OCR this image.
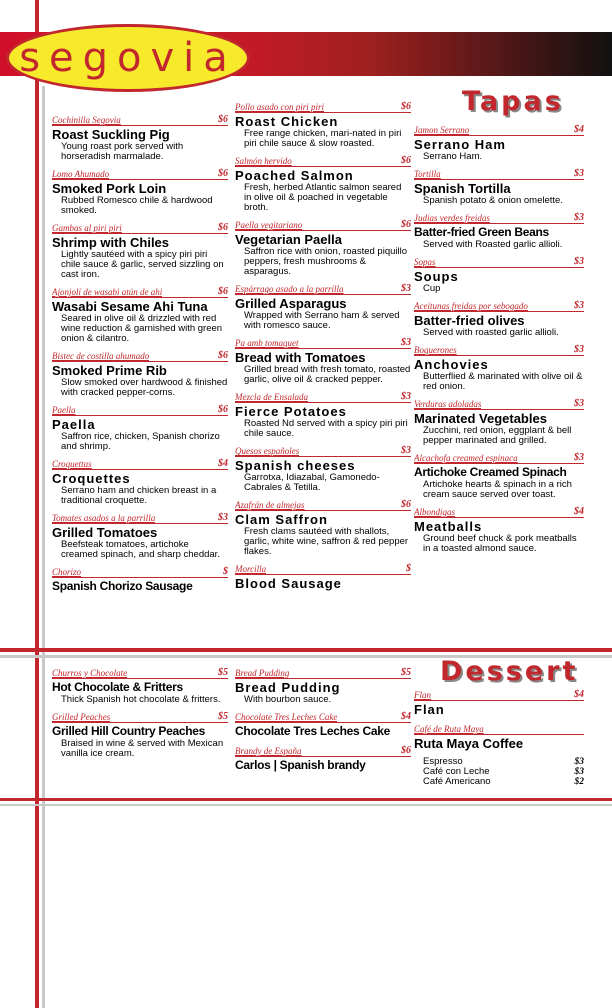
segovia
Tapas
Dessert
Cochinilla Segovia	$6
Roast Suckling Pig
Young roast pork served with horseradish marmalade.
Lomo Ahumado	$6
Smoked Pork Loin
Rubbed Romesco chile & hardwood smoked.
Gambas al piri piri	$6
Shrimp with Chiles
Lightly sautéed with a spicy piri piri chile sauce & garlic, served sizzling on cast iron.
Ajonjolí de wasabi atún de ahi	$6
Wasabi Sesame Ahi Tuna
Seared in olive oil & drizzled with red wine reduction & garnished with green onion & cilantro.
Bistec de costilla ahumado	$6
Smoked Prime Rib
Slow smoked over hardwood & finished with cracked pepper-corns.
Paella	$6
Paella
Saffron rice, chicken, Spanish chorizo and shrimp.
Croquettas	$4
Croquettes
Serrano ham and chicken breast in a traditional croquette.
Tomates asados a la parrilla	$3
Grilled Tomatoes
Beefsteak tomatoes, artichoke creamed spinach, and sharp cheddar.
Chorizo	$
Spanish Chorizo Sausage
Pollo asado con piri piri	$6
Roast Chicken
Free range chicken, mari-nated in piri piri chile sauce & slow roasted.
Salmón hervido	$6
Poached Salmon
Fresh, herbed Atlantic salmon seared in olive oil & poached in vegetable broth.
Paella vegitariano	$6
Vegetarian Paella
Saffron rice with onion, roasted piquillo peppers, fresh mushrooms & asparagus.
Espárrago asado a la parrilla	$3
Grilled Asparagus
Wrapped with Serrano ham & served with romesco sauce.
Pa amb tomaquet	$3
Bread with Tomatoes
Grilled bread with fresh tomato, roasted garlic, olive oil & cracked pepper.
Mezcla de Ensalada	$3
Fierce Potatoes
Roasted Nd served with a spicy piri piri chile sauce.
Quesos españoles	$3
Spanish cheeses
Garrotxa, Idiazabal, Gamonedo-Cabrales & Tetilla.
Azafrán de almejas	$6
Clam Saffron
Fresh clams sautéed with shallots, garlic, white wine, saffron & red pepper flakes.
Morcilla	$
Blood Sausage
Jamon Serrano	$4
Serrano Ham
Serrano Ham.
Tortilla	$3
Spanish Tortilla
Spanish potato & onion omelette.
Judias verdes freidas	$3
Batter-fried Green Beans
Served with Roasted garlic allioli.
Sopas	$3
Soups
Cup
Aceitunas freidas por sebogado	$3
Batter-fried olives
Served with roasted garlic allioli.
Boquerones	$3
Anchovies
Butterflied & marinated with olive oil & red onion.
Verduras adoladas	$3
Marinated Vegetables
Zucchini, red onion, eggplant & bell pepper marinated and grilled.
Alcachofa creamed espinaca	$3
Artichoke Creamed Spinach
Artichoke hearts & spinach in a rich cream sauce served over toast.
Albondigas	$4
Meatballs
Ground beef chuck & pork meatballs in a toasted almond sauce.
Churros y Chocolate	$5
Hot Chocolate & Fritters
Thick Spanish hot chocolate & fritters.
Grilled Peaches	$5
Grilled Hill Country Peaches
Braised in wine & served with Mexican vanilla ice cream.
Bread Pudding	$5
Bread Pudding
With bourbon sauce.
Chocolate Tres Leches Cake	$4
Chocolate Tres Leches Cake
Brandy de España	$6
Carlos | Spanish brandy
Flan	$4
Flan
Café de Ruta Maya
Ruta Maya Coffee
Espresso	$3
Café con Leche	$3
Café Americano	$2
